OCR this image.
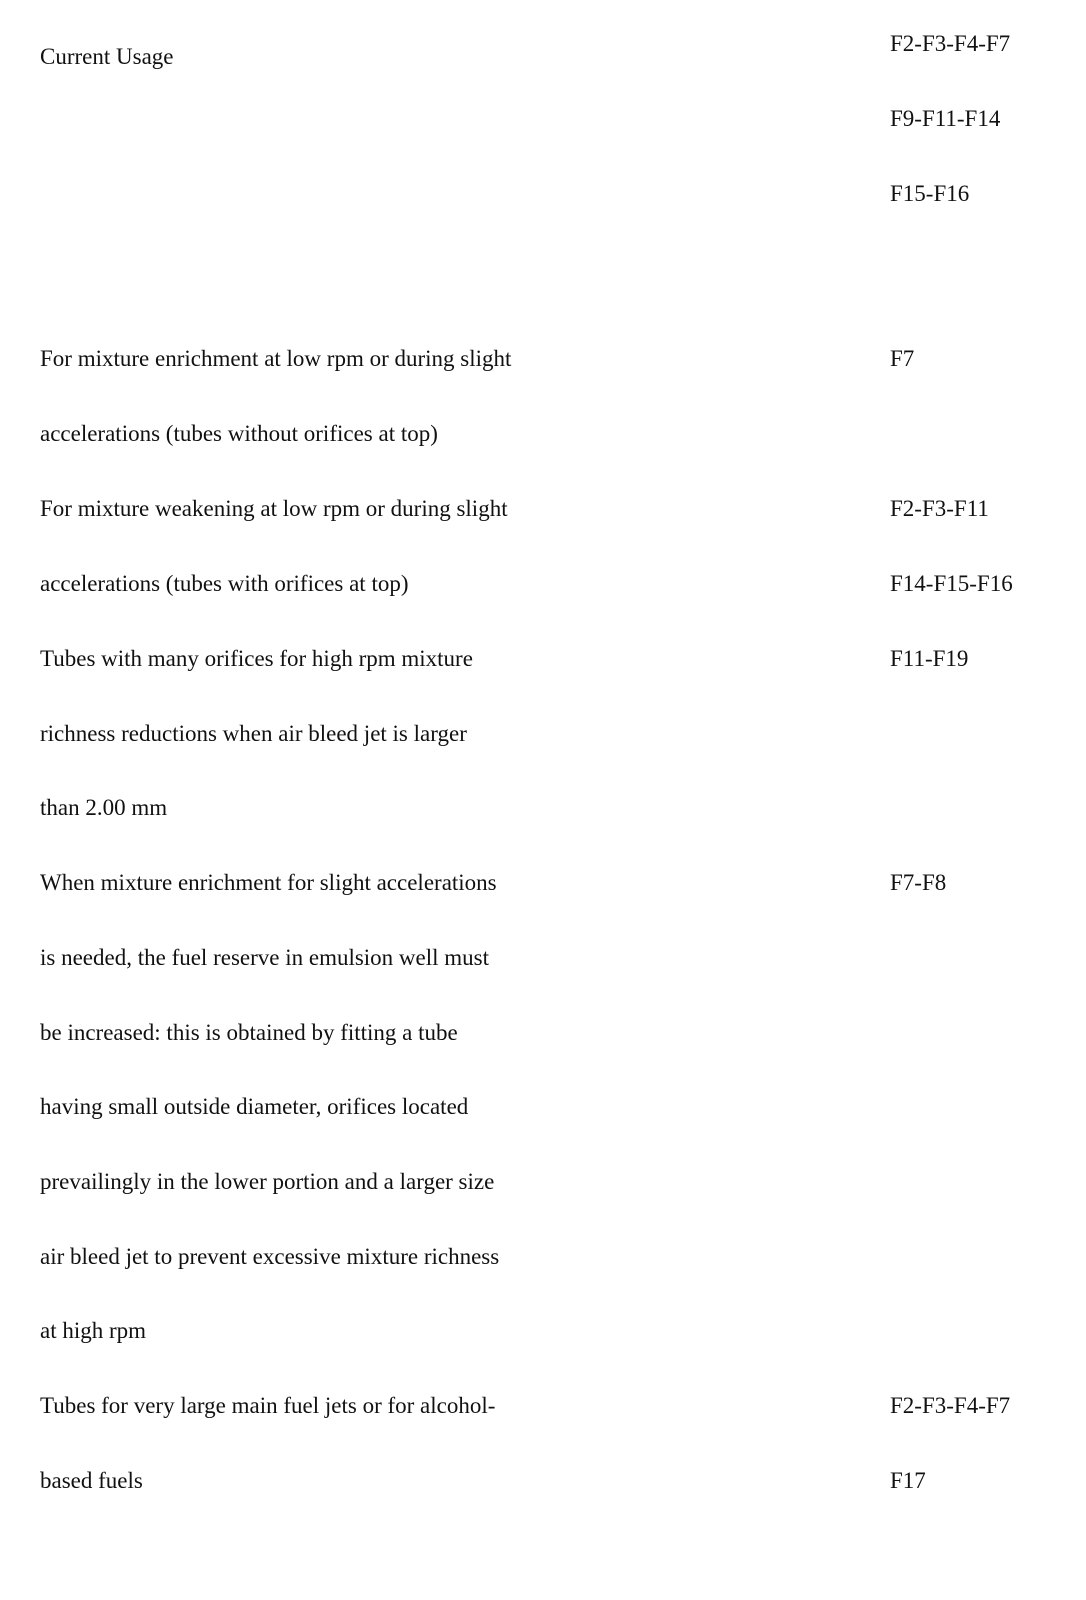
Current Usage

F2-F3-F4-F7

F9-F11-F14

F15-F16

For mixture enrichment at low rpm or during slight

accelerations (tubes without orifices at top)

F7

For mixture weakening at low rpm or during slight

accelerations (tubes with orifices at top)

F2-F3-F11

F14-F15-F16

Tubes with many orifices for high rpm mixture

richness reductions when air bleed jet is larger

than 2.00 mm

F11-F19

When mixture enrichment for slight accelerations

is needed, the fuel reserve in emulsion well must

be increased: this is obtained by fitting a tube

having small outside diameter, orifices located

prevailingly in the lower portion and a larger size

air bleed jet to prevent excessive mixture richness

at high rpm

F7-F8

Tubes for very large main fuel jets or for alcohol-

based fuels

F2-F3-F4-F7

F17
